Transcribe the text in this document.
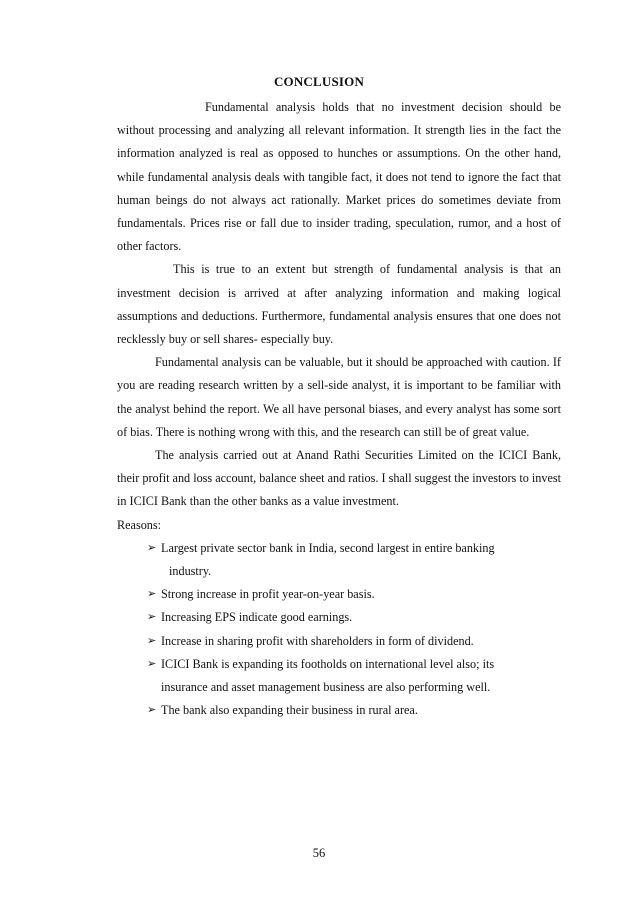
CONCLUSION

Fundamental analysis holds that no investment decision should be without processing and analyzing all relevant information. It strength lies in the fact the information analyzed is real as opposed to hunches or assumptions. On the other hand, while fundamental analysis deals with tangible fact, it does not tend to ignore the fact that human beings do not always act rationally. Market prices do sometimes deviate from fundamentals. Prices rise or fall due to insider trading, speculation, rumor, and a host of other factors.

This is true to an extent but strength of fundamental analysis is that an investment decision is arrived at after analyzing information and making logical assumptions and deductions. Furthermore, fundamental analysis ensures that one does not recklessly buy or sell shares- especially buy.

Fundamental analysis can be valuable, but it should be approached with caution. If you are reading research written by a sell-side analyst, it is important to be familiar with the analyst behind the report. We all have personal biases, and every analyst has some sort of bias. There is nothing wrong with this, and the research can still be of great value.

The analysis carried out at Anand Rathi Securities Limited on the ICICI Bank, their profit and loss account, balance sheet and ratios. I shall suggest the investors to invest in ICICI Bank than the other banks as a value investment.

Reasons:

➢ Largest private sector bank in India, second largest in entire banking
industry.
➢ Strong increase in profit year-on-year basis.
➢ Increasing EPS indicate good earnings.
➢ Increase in sharing profit with shareholders in form of dividend.
➢ ICICI Bank is expanding its footholds on international level also; its
insurance and asset management business are also performing well.
➢ The bank also expanding their business in rural area.
56
